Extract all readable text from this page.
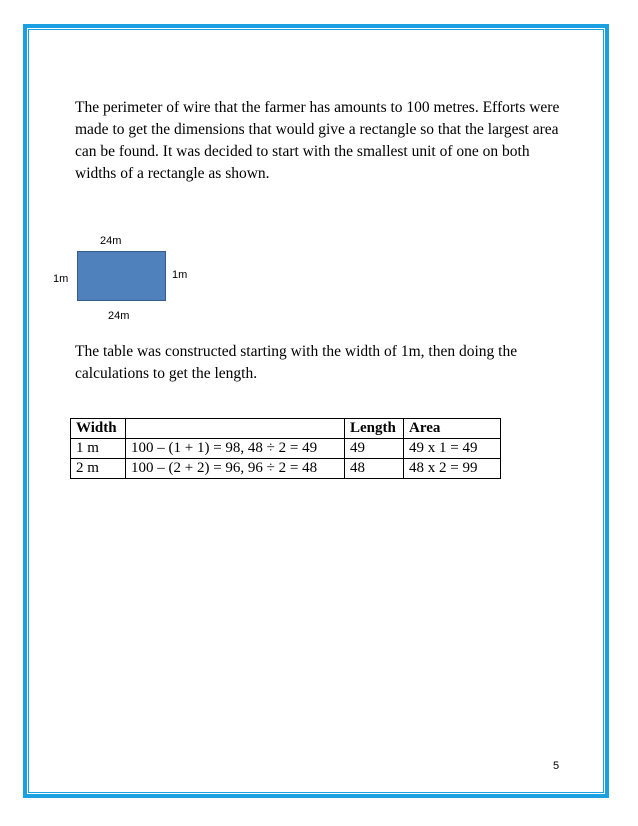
The perimeter of wire that the farmer has amounts to 100 metres. Efforts were made to get the dimensions that would give a rectangle so that the largest area can be found. It was decided to start with the smallest unit of one on both widths of a rectangle as shown.

24m
1m	1m
24m

The table was constructed starting with the width of 1m, then doing the calculations to get the length.

Width		Length	Area
1 m	100 – (1 + 1) = 98, 48 ÷ 2 = 49	49	49 x 1 = 49
2 m	100 – (2 + 2) = 96, 96 ÷ 2 = 48	48	48 x 2 = 99
5
